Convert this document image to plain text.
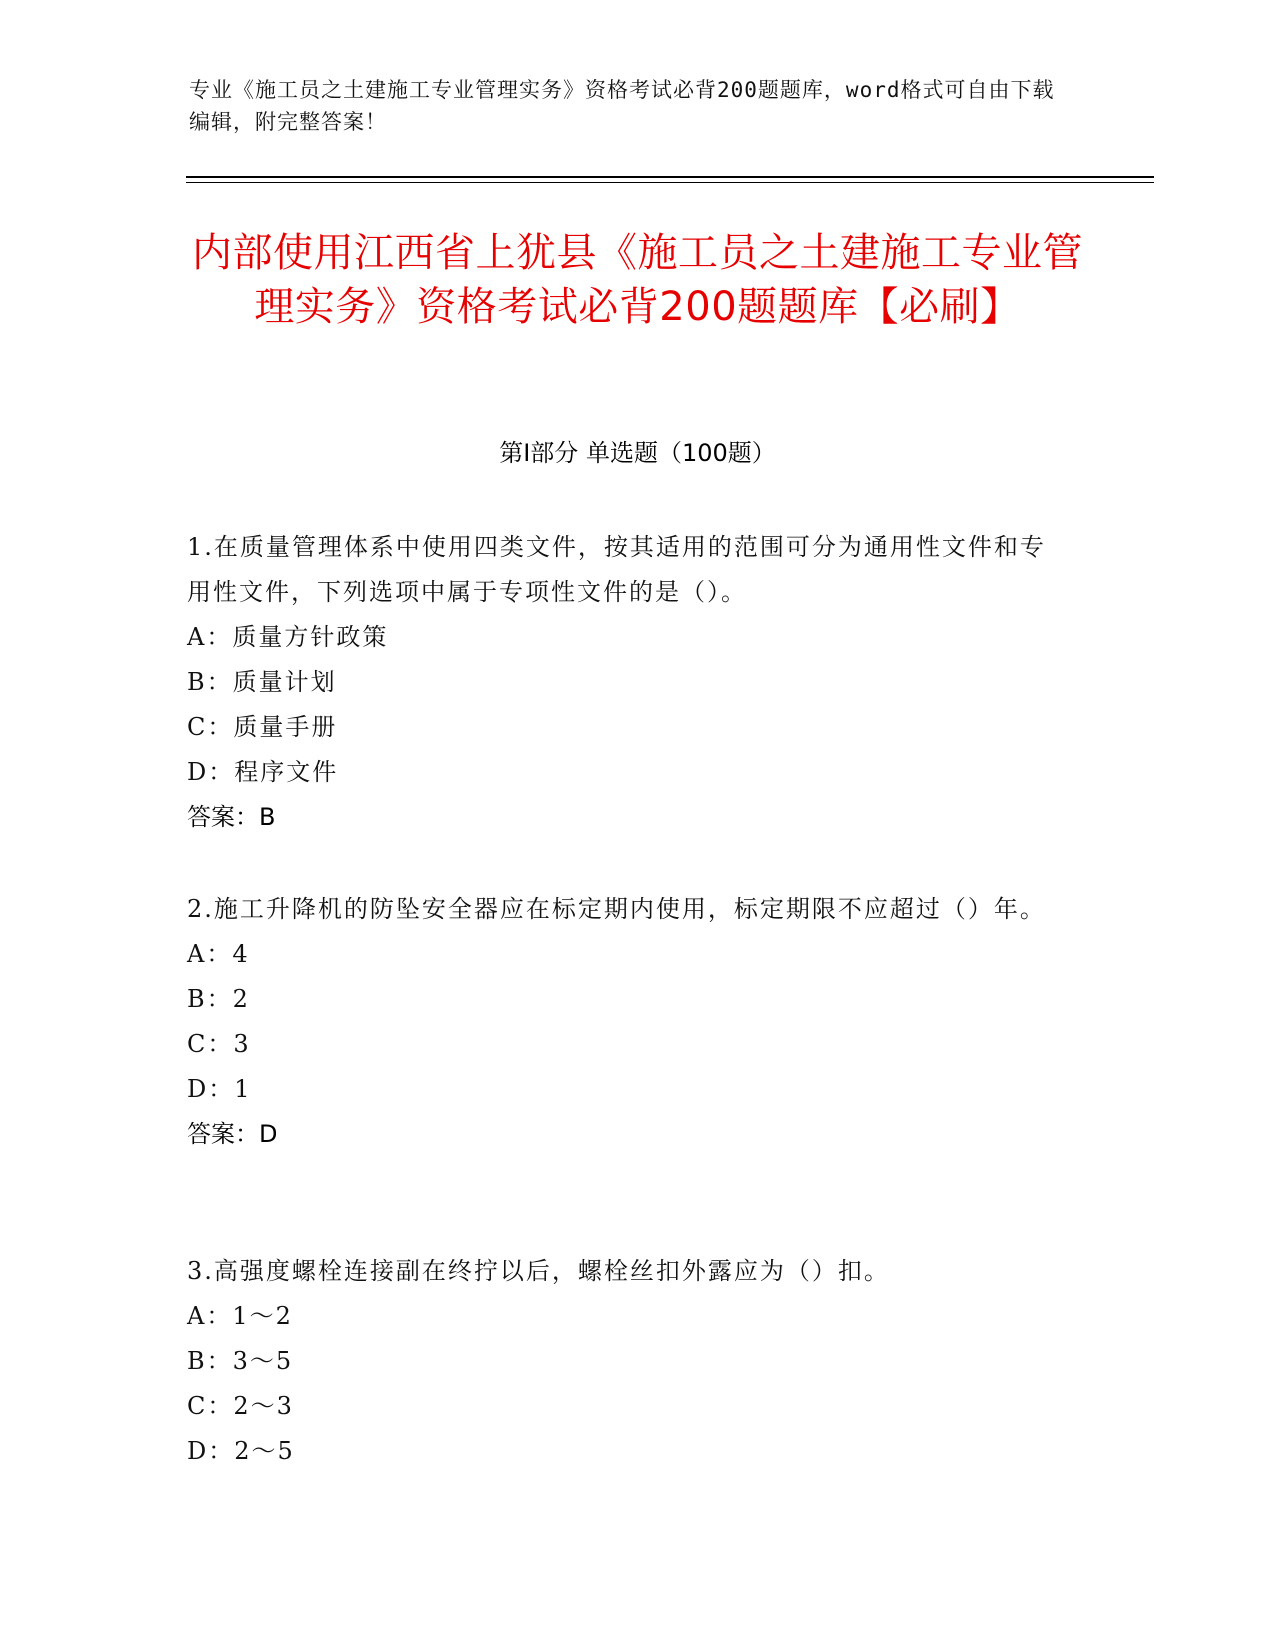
专业《施工员之土建施工专业管理实务》资格考试必背200题题库，word格式可自由下载编辑，附完整答案！
内部使用江西省上犹县《施工员之土建施工专业管理实务》资格考试必背200题题库【必刷】
第I部分 单选题（100题）
1.在质量管理体系中使用四类文件，按其适用的范围可分为通用性文件和专用性文件，下列选项中属于专项性文件的是（）。
A：质量方针政策
B：质量计划
C：质量手册
D：程序文件
答案：B
2.施工升降机的防坠安全器应在标定期内使用，标定期限不应超过（）年。
A：4
B：2
C：3
D：1
答案：D
3.高强度螺栓连接副在终拧以后，螺栓丝扣外露应为（）扣。
A：1～2
B：3～5
C：2～3
D：2～5
